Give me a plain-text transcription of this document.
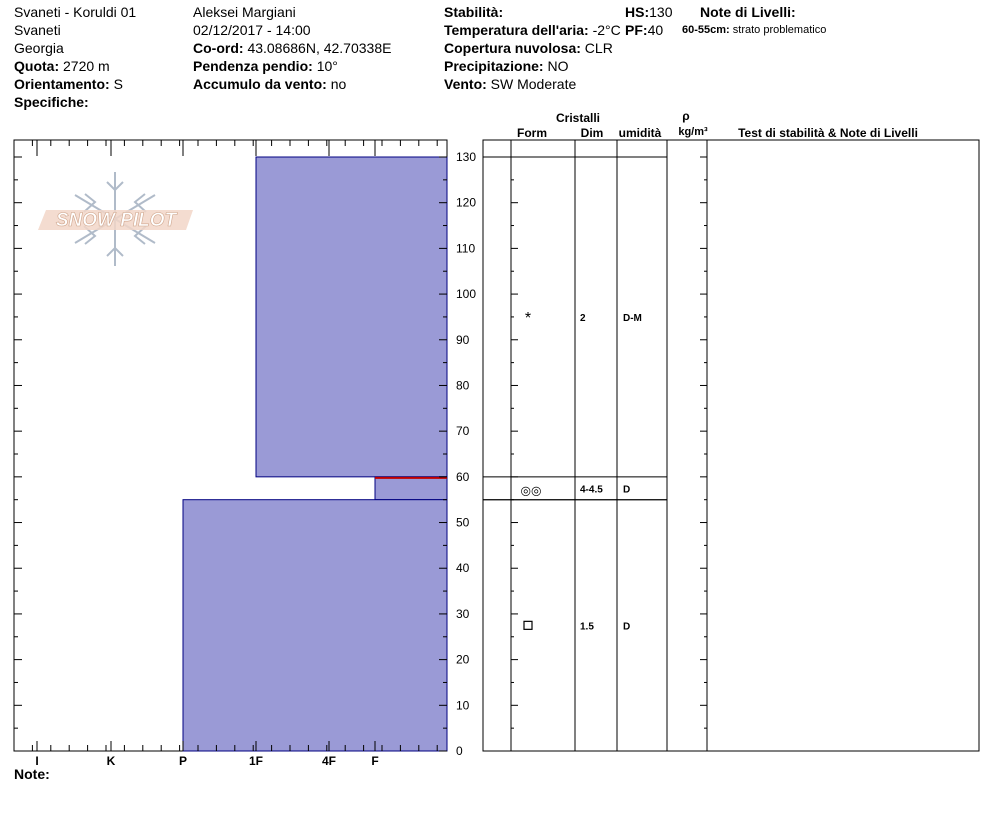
Svaneti - Koruldi 01
Svaneti
Georgia
Quota: 2720 m
Orientamento: S
Specifiche:
Aleksei Margiani
02/12/2017 - 14:00
Co-ord: 43.08686N, 42.70338E
Pendenza pendio: 10°
Accumulo da vento: no
Stabilità:
Temperatura dell'aria: -2°C
Copertura nuvolosa: CLR
Precipitazione: NO
Vento: SW Moderate
HS:130
PF:40
Note di Livelli:
60-55cm: strato problematico
SNOW PILOT
I	K	P	1F	4F	F
0
10
20
30
40
50
60
70
80
90
100
110
120
130
*	2	D-M
◎◎	4-4.5 D
□	1.5	D
Cristalli
Form	Dim umidità
ρ
kg/m³	Test di stabilità & Note di Livelli
Note:
